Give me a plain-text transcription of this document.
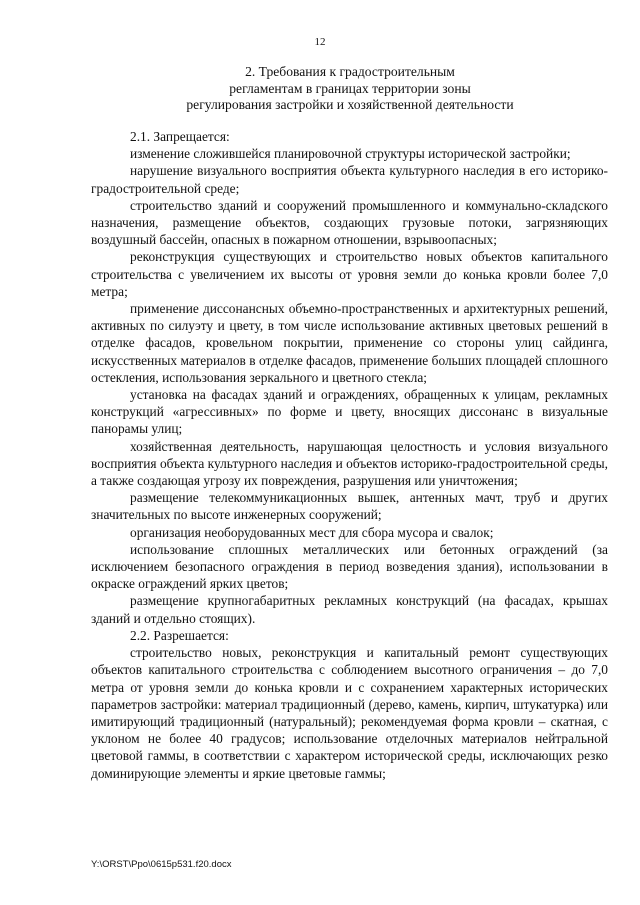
12
2. Требования к градостроительным
регламентам в границах территории зоны
регулирования застройки и хозяйственной деятельности

2.1. Запрещается:

изменение сложившейся планировочной структуры исторической застройки;

нарушение визуального восприятия объекта культурного наследия в его историко-градостроительной среде;

строительство зданий и сооружений промышленного и коммунально-складского назначения, размещение объектов, создающих грузовые потоки, загрязняющих воздушный бассейн, опасных в пожарном отношении, взрывоопасных;

реконструкция существующих и строительство новых объектов капитального строительства с увеличением их высоты от уровня земли до конька кровли более 7,0 метра;

применение диссонансных объемно-пространственных и архитектурных решений, активных по силуэту и цвету, в том числе использование активных цветовых решений в отделке фасадов, кровельном покрытии, применение со стороны улиц сайдинга, искусственных материалов в отделке фасадов, применение больших площадей сплошного остекления, использования зеркального и цветного стекла;

установка на фасадах зданий и ограждениях, обращенных к улицам, рекламных конструкций «агрессивных» по форме и цвету, вносящих диссонанс в визуальные панорамы улиц;

хозяйственная деятельность, нарушающая целостность и условия визуального восприятия объекта культурного наследия и объектов историко-градостроительной среды, а также создающая угрозу их повреждения, разрушения или уничтожения;

размещение телекоммуникационных вышек, антенных мачт, труб и других значительных по высоте инженерных сооружений;

организация необорудованных мест для сбора мусора и свалок;

использование сплошных металлических или бетонных ограждений (за исключением безопасного ограждения в период возведения здания), использовании в окраске ограждений ярких цветов;

размещение крупногабаритных рекламных конструкций (на фасадах, крышах зданий и отдельно стоящих).

2.2. Разрешается:

строительство новых, реконструкция и капитальный ремонт существующих объектов капитального строительства с соблюдением высотного ограничения – до 7,0 метра от уровня земли до конька кровли и с сохранением характерных исторических параметров застройки: материал традиционный (дерево, камень, кирпич, штукатурка) или имитирующий традиционный (натуральный); рекомендуемая форма кровли – скатная, с уклоном не более 40 градусов; использование отделочных материалов нейтральной цветовой гаммы, в соответствии с характером исторической среды, исключающих резко доминирующие элементы и яркие цветовые гаммы;

Y:\ORST\Ppo\0615p531.f20.docx
